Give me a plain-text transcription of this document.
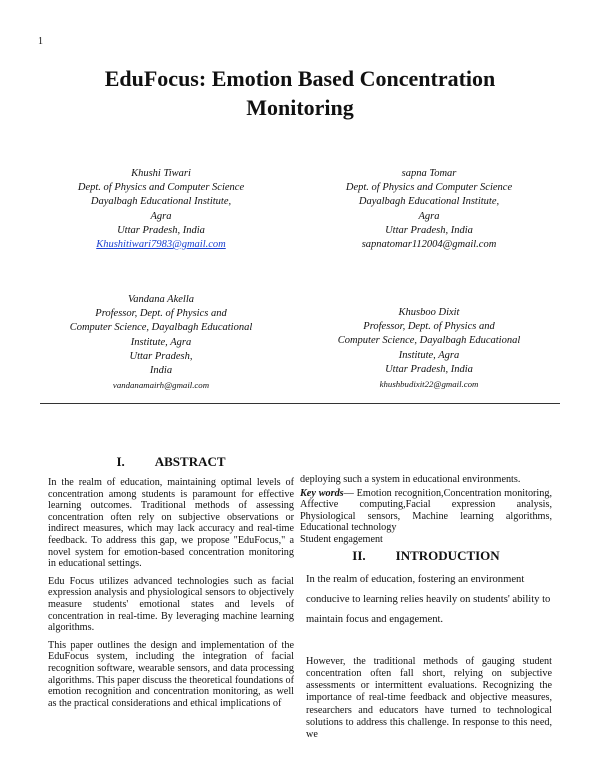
1
EduFocus: Emotion Based Concentration
Monitoring
Khushi Tiwari
Dept. of Physics and Computer Science
Dayalbagh Educational Institute,
Agra
Uttar Pradesh, India
Khushitiwari7983@gmail.com
sapna Tomar
Dept. of Physics and Computer Science
Dayalbagh Educational Institute,
Agra
Uttar Pradesh, India
sapnatomar112004@gmail.com
Vandana Akella
Professor, Dept. of Physics and
Computer Science, Dayalbagh Educational
Institute, Agra
Uttar Pradesh,
India
vandanamairh@gmail.com
Khusboo Dixit
Professor, Dept. of Physics and
Computer Science, Dayalbagh Educational
Institute, Agra
Uttar Pradesh, India
khushbudixit22@gmail.com
I. ABSTRACT

In the realm of education, maintaining optimal levels of concentration among students is paramount for effective learning outcomes. Traditional methods of assessing concentration often rely on subjective observations or indirect measures, which may lack accuracy and real-time feedback. To address this gap, we propose "EduFocus," a novel system for emotion-based concentration monitoring in educational settings.

Edu Focus utilizes advanced technologies such as facial expression analysis and physiological sensors to objectively measure students' emotional states and levels of concentration in real-time. By leveraging machine learning algorithms.

This paper outlines the design and implementation of the EduFocus system, including the integration of facial recognition software, wearable sensors, and data processing algorithms. This paper discuss the theoretical foundations of emotion recognition and concentration monitoring, as well as the practical considerations and ethical implications of

deploying such a system in educational environments.

Key words— Emotion recognition,Concentration monitoring, Affective computing,Facial expression analysis, Physiological sensors, Machine learning algorithms, Educational technology

Student engagement

II. INTRODUCTION

In the realm of education, fostering an environment conducive to learning relies heavily on students' ability to maintain focus and engagement.

However, the traditional methods of gauging student concentration often fall short, relying on subjective assessments or intermittent evaluations. Recognizing the importance of real-time feedback and objective measures, researchers and educators have turned to technological solutions to address this challenge. In response to this need, we
